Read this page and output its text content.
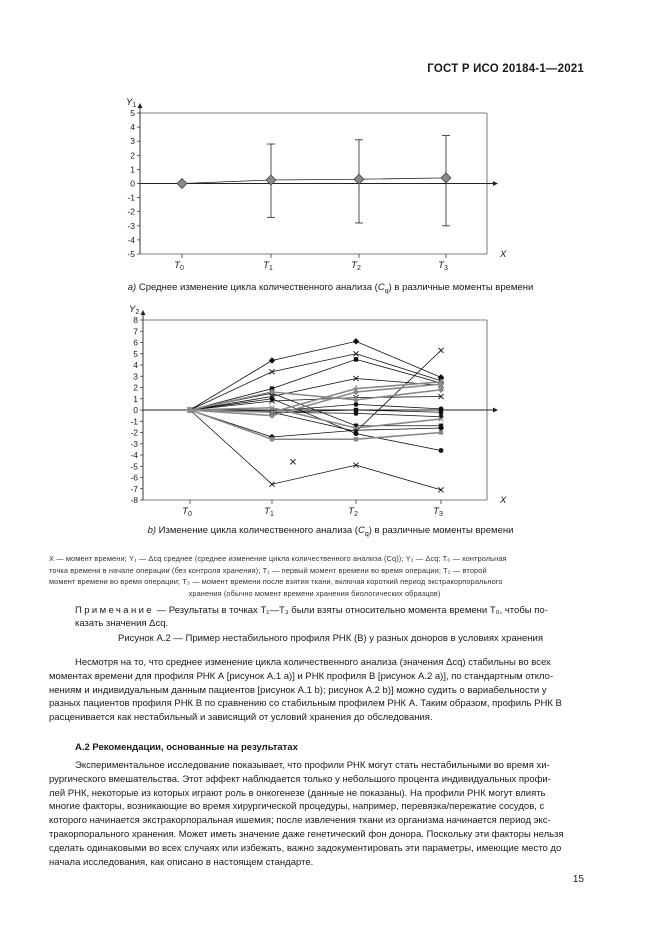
ГОСТ Р ИСО 20184-1—2021
$Y_1$
5
4
3
2
1
0
-1
-2
-3
-4
-5
$T_0$	$T_1$	$T_2$	$T_3$
X
a) Среднее изменение цикла количественного анализа $(C_q)$ в различные моменты времени
$Y_2$
8
7
6
5
4
3
2
1
0
-1
-2
-3
-4
-5
-6
-7
-8
$T_0$	$T_1$	$T_2$	$T_3$
X
b) Изменение цикла количественного анализа $(C_q)$ в различные моменты времени
X — момент времени; Y₁ — Δcq среднее (среднее изменение цикла количественного анализа (Cq)); Y₂ — Δcq; T₀ — контрольная
точка времени в начале операции (без контроля хранения); T₁ — первый момент времени во время операции; T₂ — второй
момент времени во время операции; T₃ — момент времени после взятия ткани, включая короткий период экстракорпорального

хранения (обычно момент времени хранения биологических образцов)
Примечание — Результаты в точках T₁—T₃ были взяты относительно момента времени T₀, чтобы по-
казать значения Δcq.
Рисунок А.2 — Пример нестабильного профиля РНК (В) у разных доноров в условиях хранения

Несмотря на то, что среднее изменение цикла количественного анализа (значения Δcq) стабильны во всех

моментах времени для профиля РНК А [рисунок А.1 а)] и РНК профиля В [рисунок А.2 а)], по стандартным откло-
нениям и индивидуальным данным пациентов [рисунок А.1 b); рисунок А.2 b)] можно судить о вариабельности у
разных пациентов профиля РНК В по сравнению со стабильным профилем РНК А. Таким образом, профиль РНК В
расценивается как нестабильный и зависящий от условий хранения до обследования.
А.2 Рекомендации, основанные на результатах

Экспериментальное исследование показывает, что профили РНК могут стать нестабильными во время хи-

рургического вмешательства. Этот эффект наблюдается только у небольшого процента индивидуальных профи-
лей РНК, некоторые из которых играют роль в онкогенезе (данные не показаны). На профили РНК могут влиять
многие факторы, возникающие во время хирургической процедуры, например, перевязка/пережатие сосудов, с
которого начинается экстракорпоральная ишемия; после извлечения ткани из организма начинается период экс-
тракорпорального хранения. Может иметь значение даже генетический фон донора. Поскольку эти факторы нельзя
сделать одинаковыми во всех случаях или избежать, важно задокументировать эти параметры, имеющие место до
начала исследования, как описано в настоящем стандарте.
15
